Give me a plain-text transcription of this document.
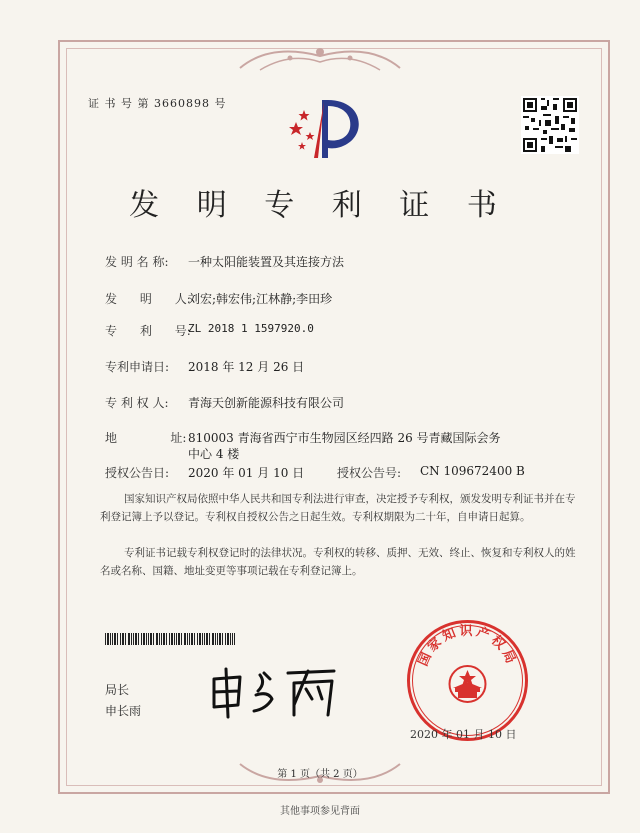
证 书 号 第 3660898 号
发 明 专 利 证 书
发 明 名 称: 一种太阳能装置及其连接方法
发      明      人:
刘宏;韩宏伟;江林静;李田珍
专      利      号:
ZL 2018 1 1597920.0
专利申请日: 2018 年 12 月 26 日
专 利 权 人: 青海天创新能源科技有限公司
地              址: 810003 青海省西宁市生物园区经四路 26 号青藏国际会务
中心 4 楼
授权公告日: 2020 年 01 月 10 日	授权公告号: CN 109672400 B
国家知识产权局依照中华人民共和国专利法进行审查，决定授予专利权，颁发发明专利证书并在专利登记簿上予以登记。专利权自授权公告之日起生效。专利权期限为二十年，自申请日起算。
专利证书记载专利权登记时的法律状况。专利权的转移、质押、无效、终止、恢复和专利权人的姓名或名称、国籍、地址变更等事项记载在专利登记簿上。
局长
申长雨
国家知识产权局
2020 年 01 月 10 日
第 1 页（共 2 页）
其他事项参见背面
